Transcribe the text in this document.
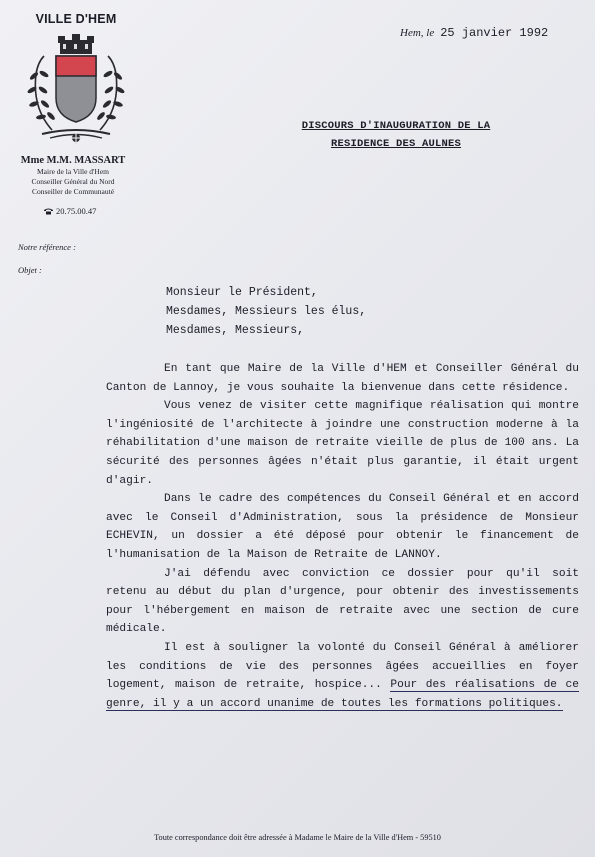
VILLE D'HEM
Mme M.M. MASSART
Maire de la Ville d'Hem
Conseiller Général du Nord
Conseiller de Communauté
20.75.00.47
Notre référence :
Objet :
Hem, le 25 janvier 1992
DISCOURS D'INAUGURATION DE LA
RESIDENCE DES AULNES
Monsieur le Président,
Mesdames, Messieurs les élus,
Mesdames, Messieurs,

En tant que Maire de la Ville d'HEM et Conseiller Général du Canton de Lannoy, je vous souhaite la bienvenue dans cette résidence.

Vous venez de visiter cette magnifique réalisation qui montre l'ingéniosité de l'architecte à joindre une construction moderne à la réhabilitation d'une maison de retraite vieille de plus de 100 ans. La sécurité des personnes âgées n'était plus garantie, il était urgent d'agir.

Dans le cadre des compétences du Conseil Général et en accord avec le Conseil d'Administration, sous la présidence de Monsieur ECHEVIN, un dossier a été déposé pour obtenir le financement de l'humanisation de la Maison de Retraite de LANNOY.

J'ai défendu avec conviction ce dossier pour qu'il soit retenu au début du plan d'urgence, pour obtenir des investissements pour l'hébergement en maison de retraite avec une section de cure médicale.

Il est à souligner la volonté du Conseil Général à améliorer les conditions de vie des personnes âgées accueillies en foyer logement, maison de retraite, hospice... Pour des réalisations de ce genre, il y a un accord unanime de toutes les formations politiques.

Toute correspondance doit être adressée à Madame le Maire de la Ville d'Hem - 59510
